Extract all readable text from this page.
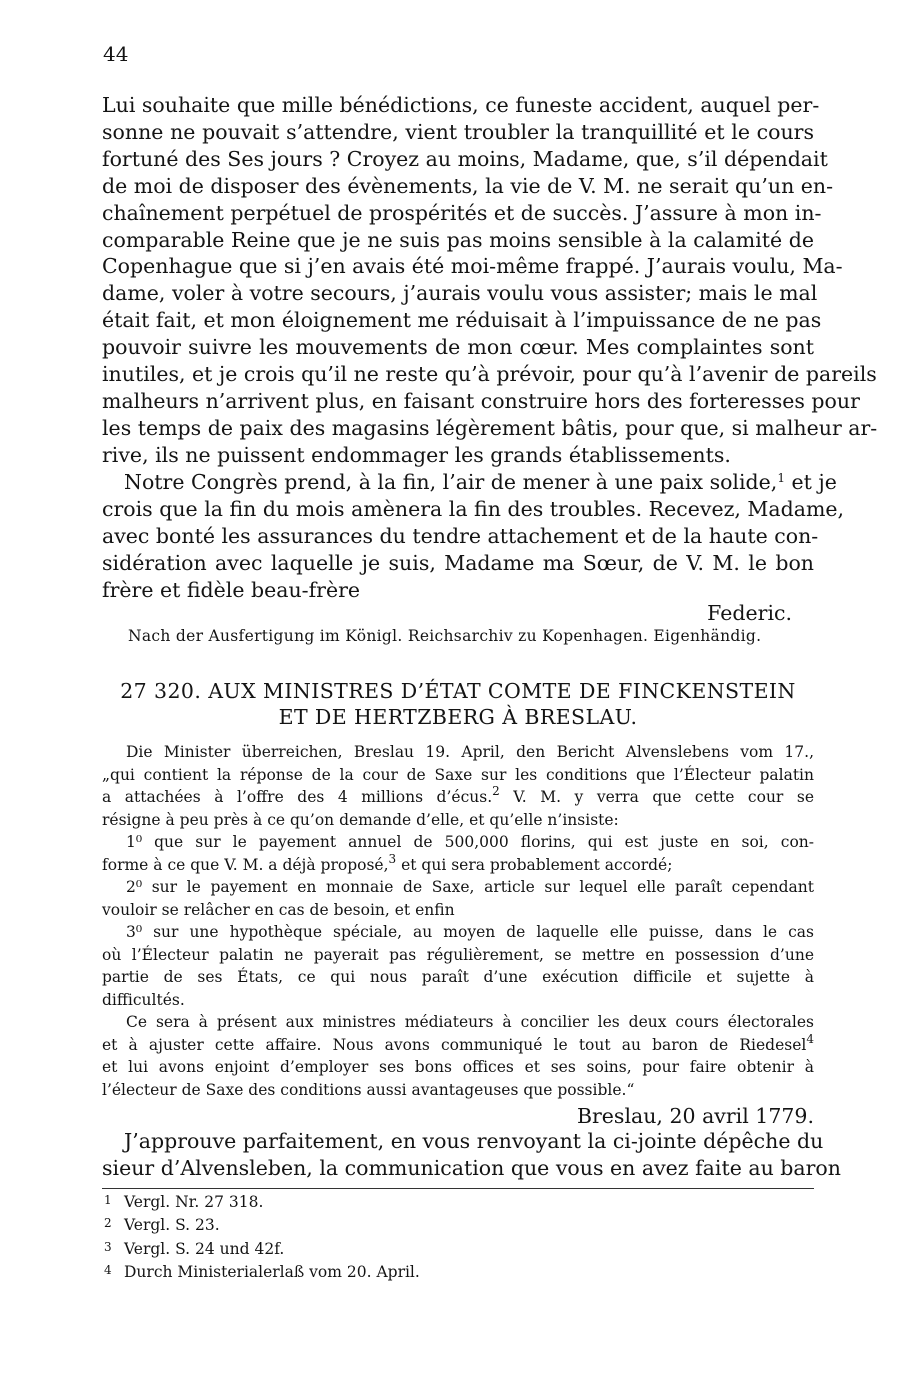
44
Lui souhaite que mille bénédictions, ce funeste accident, auquel per-
sonne ne pouvait s’attendre, vient troubler la tranquillité et le cours
fortuné des Ses jours ? Croyez au moins, Madame, que, s’il dépendait
de moi de disposer des évènements, la vie de V. M. ne serait qu’un en-
chaînement perpétuel de prospérités et de succès. J’assure à mon in-
comparable Reine que je ne suis pas moins sensible à la calamité de
Copenhague que si j’en avais été moi-même frappé. J’aurais voulu, Ma-
dame, voler à votre secours, j’aurais voulu vous assister; mais le mal
était fait, et mon éloignement me réduisait à l’impuissance de ne pas
pouvoir suivre les mouvements de mon cœur. Mes complaintes sont
inutiles, et je crois qu’il ne reste qu’à prévoir, pour qu’à l’avenir de pareils
malheurs n’arrivent plus, en faisant construire hors des forteresses pour
les temps de paix des magasins légèrement bâtis, pour que, si malheur ar-
rive, ils ne puissent endommager les grands établissements.
Notre Congrès prend, à la fin, l’air de mener à une paix solide,$^1$ et je
crois que la fin du mois amènera la fin des troubles. Recevez, Madame,
avec bonté les assurances du tendre attachement et de la haute con-
sidération avec laquelle je suis, Madame ma Sœur, de V. M. le bon
frère et fidèle beau-frère
Federic.
Nach der Ausfertigung im Königl. Reichsarchiv zu Kopenhagen. Eigenhändig.
27 320. AUX MINISTRES D’ÉTAT COMTE DE FINCKENSTEIN
ET DE HERTZBERG À BRESLAU.
Die Minister überreichen, Breslau 19. April, den Bericht Alvenslebens vom 17.,
„qui contient la réponse de la cour de Saxe sur les conditions que l’Électeur palatin
a attachées à l’offre des 4 millions d’écus.$^2$ V. M. y verra que cette cour se
résigne à peu près à ce qu’on demande d’elle, et qu’elle n’insiste:
1⁰ que sur le payement annuel de 500,000 florins, qui est juste en soi, con-
forme à ce que V. M. a déjà proposé,$^3$ et qui sera probablement accordé;
2⁰ sur le payement en monnaie de Saxe, article sur lequel elle paraît cependant
vouloir se relâcher en cas de besoin, et enfin
3⁰ sur une hypothèque spéciale, au moyen de laquelle elle puisse, dans le cas
où l’Électeur palatin ne payerait pas régulièrement, se mettre en possession d’une
partie de ses États, ce qui nous paraît d’une exécution difficile et sujette à
difficultés.
Ce sera à présent aux ministres médiateurs à concilier les deux cours électorales
et à ajuster cette affaire. Nous avons communiqué le tout au baron de Riedesel$^4$
et lui avons enjoint d’employer ses bons offices et ses soins, pour faire obtenir à
l’électeur de Saxe des conditions aussi avantageuses que possible.“
Breslau, 20 avril 1779.
J’approuve parfaitement, en vous renvoyant la ci-jointe dépêche du
sieur d’Alvensleben, la communication que vous en avez faite au baron
1 Vergl. Nr. 27 318.
2 Vergl. S. 23.
3 Vergl. S. 24 und 42f.
4 Durch Ministerialerlaß vom 20. April.
